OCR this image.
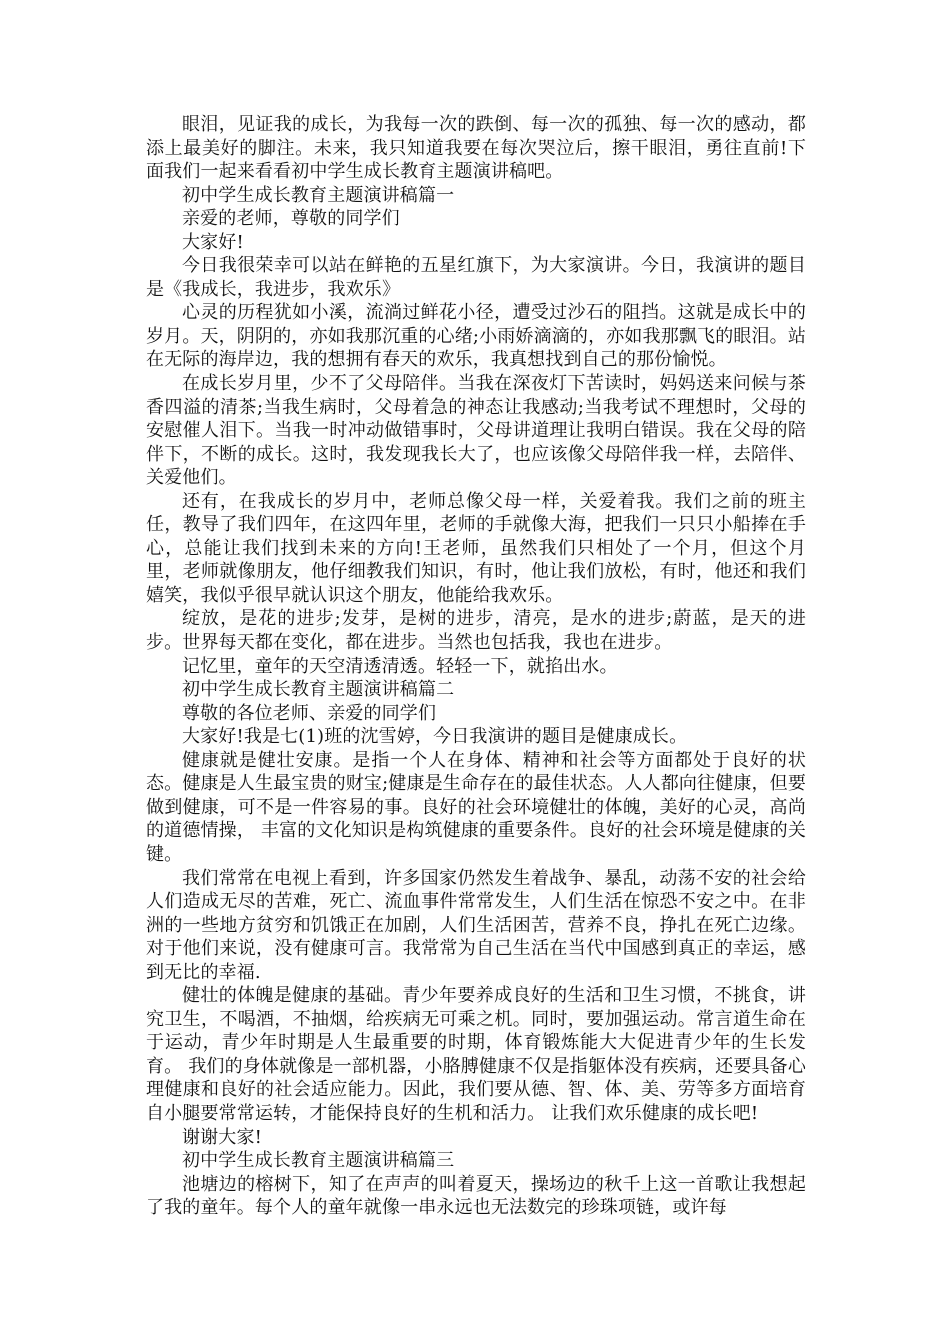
眼泪，见证我的成长，为我每一次的跌倒、每一次的孤独、每一次的感动，都添上最美好的脚注。未来，我只知道我要在每次哭泣后，擦干眼泪，勇往直前!下面我们一起来看看初中学生成长教育主题演讲稿吧。

初中学生成长教育主题演讲稿篇一

亲爱的老师，尊敬的同学们

大家好!

今日我很荣幸可以站在鲜艳的五星红旗下，为大家演讲。今日，我演讲的题目是《我成长，我进步，我欢乐》

心灵的历程犹如小溪，流淌过鲜花小径，遭受过沙石的阻挡。这就是成长中的岁月。天，阴阴的，亦如我那沉重的心绪;小雨娇滴滴的，亦如我那飘飞的眼泪。站在无际的海岸边，我的想拥有春天的欢乐，我真想找到自己的那份愉悦。

在成长岁月里，少不了父母陪伴。当我在深夜灯下苦读时，妈妈送来问候与茶香四溢的清茶;当我生病时，父母着急的神态让我感动;当我考试不理想时，父母的安慰催人泪下。当我一时冲动做错事时，父母讲道理让我明白错误。我在父母的陪伴下，不断的成长。这时，我发现我长大了，也应该像父母陪伴我一样，去陪伴、关爱他们。

还有，在我成长的岁月中，老师总像父母一样，关爱着我。我们之前的班主任，教导了我们四年，在这四年里，老师的手就像大海，把我们一只只小船捧在手心，总能让我们找到未来的方向!王老师，虽然我们只相处了一个月，但这个月里，老师就像朋友，他仔细教我们知识，有时，他让我们放松，有时，他还和我们嬉笑，我似乎很早就认识这个朋友，他能给我欢乐。

绽放，是花的进步;发芽，是树的进步，清亮，是水的进步;蔚蓝，是天的进步。世界每天都在变化，都在进步。当然也包括我，我也在进步。

记忆里，童年的天空清透清透。轻轻一下，就掐出水。

初中学生成长教育主题演讲稿篇二

尊敬的各位老师、亲爱的同学们

大家好!我是七(1)班的沈雪婷，今日我演讲的题目是健康成长。

健康就是健壮安康。是指一个人在身体、精神和社会等方面都处于良好的状态。健康是人生最宝贵的财宝;健康是生命存在的最佳状态。人人都向往健康，但要做到健康，可不是一件容易的事。良好的社会环境健壮的体魄，美好的心灵，高尚的道德情操， 丰富的文化知识是构筑健康的重要条件。良好的社会环境是健康的关键。

我们常常在电视上看到，许多国家仍然发生着战争、暴乱，动荡不安的社会给人们造成无尽的苦难，死亡、流血事件常常发生，人们生活在惊恐不安之中。在非洲的一些地方贫穷和饥饿正在加剧，人们生活困苦，营养不良，挣扎在死亡边缘。对于他们来说，没有健康可言。我常常为自己生活在当代中国感到真正的幸运，感到无比的幸福.

健壮的体魄是健康的基础。青少年要养成良好的生活和卫生习惯，不挑食，讲究卫生，不喝酒，不抽烟，给疾病无可乘之机。同时，要加强运动。常言道生命在于运动，青少年时期是人生最重要的时期，体育锻炼能大大促进青少年的生长发育。 我们的身体就像是一部机器，小胳膊健康不仅是指躯体没有疾病，还要具备心理健康和良好的社会适应能力。因此，我们要从德、智、体、美、劳等多方面培育自小腿要常常运转，才能保持良好的生机和活力。 让我们欢乐健康的成长吧!

谢谢大家!

初中学生成长教育主题演讲稿篇三

池塘边的榕树下，知了在声声的叫着夏天，操场边的秋千上这一首歌让我想起了我的童年。每个人的童年就像一串永远也无法数完的珍珠项链，或许每
